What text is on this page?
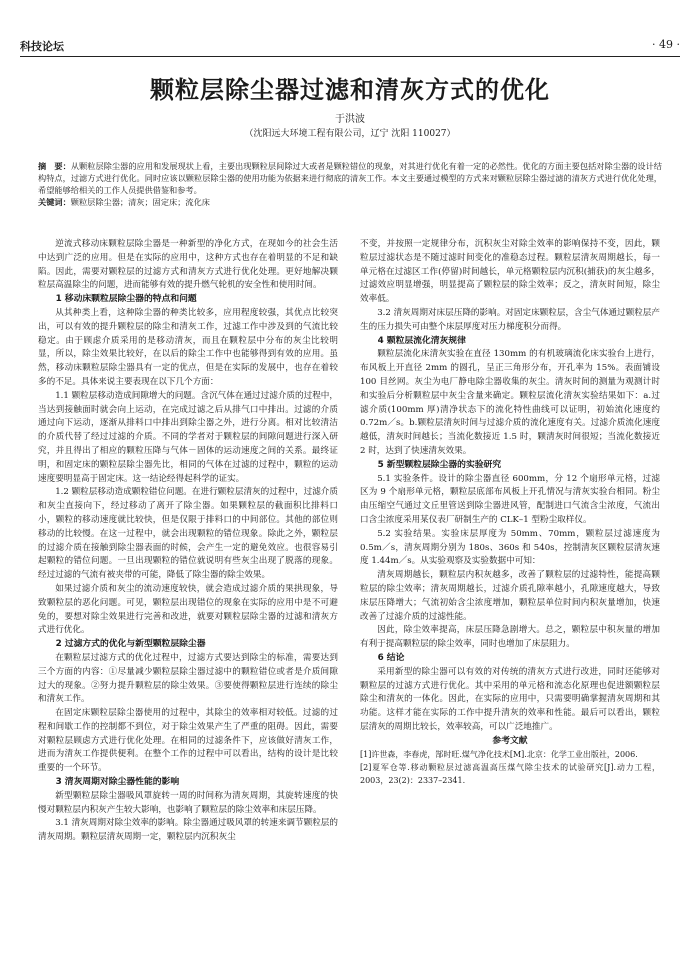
科技论坛	· 49 ·
颗粒层除尘器过滤和清灰方式的优化
于洪波
（沈阳远大环境工程有限公司，辽宁 沈阳 110027）
摘　要：从颗粒层除尘器的应用和发展现状上看，主要出现颗粒层间除过大或者是颗粒错位的现象，对其进行优化有着一定的必然性。优化的方面主要包括对除尘器的设计结构特点，过滤方式进行优化。同时应该以颗粒层除尘器的使用功能为依据来进行彻底的清灰工作。本文主要通过模型的方式来对颗粒层除尘器过滤的清灰方式进行优化处理，希望能够给相关的工作人员提供借鉴和参考。
关键词：颗粒层除尘器；清灰；固定床；流化床

逆流式移动床颗粒层除尘器是一种新型的净化方式，在现如今的社会生活中达到广泛的应用。但是在实际的应用中，这种方式也存在着明显的不足和缺陷。因此，需要对颗粒层的过滤方式和清灰方式进行优化处理。更好地解决颗粒层高温除尘的问题，进而能够有效的提升燃气轮机的安全性和使用时间。

1 移动床颗粒层除尘器的特点和问题

从其种类上看，这种除尘器的种类比较多，应用程度较强，其优点比较突出，可以有效的提升颗粒层的除尘和清灰工作，过滤工作中涉及到的气流比较稳定。由于顾虑介质采用的是移动清灰，而且在颗粒层中分布的灰尘比较明显，所以，除尘效果比较好，在以后的除尘工作中也能够得到有效的应用。虽然，移动床颗粒层除尘器具有一定的优点，但是在实际的发展中，也存在着较多的不足。具体来说主要表现在以下几个方面：

1.1 颗粒层移动造成间隙增大的问题。含沉气体在通过过滤介质的过程中，当达到接触面时就会向上运动，在完成过滤之后从排气口中排出。过滤的介质通过向下运动，逐渐从排料口中排出到除尘器之外，进行分离。相对比较清洁的介质代替了经过过滤的介质。不同的学者对于颗粒层的间隙问题进行深入研究，并且得出了相应的颗粒压降与气体－固体的运动速度之间的关系。最终证明，和固定床的颗粒层除尘器先比，相同的气体在过滤的过程中，颗粒的运动速度要明显高于固定床。这一结论经得起科学的证实。

1.2 颗粒层移动造成颗粒错位问题。在进行颗粒层清灰的过程中，过滤介质和灰尘直接向下，经过移动了离开了除尘器。如果颗粒层的截面积比排料口小，颗粒的移动速度就比较快，但是仅限于排料口的中间部位。其他的部位则移动的比较慢。在这一过程中，就会出现颗粒的错位现象。除此之外，颗粒层的过滤介质在接触到除尘器表面的时候，会产生一定的避免效应。也很容易引起颗粒的错位问题。一旦出现颗粒的错位就说明有些灰尘出现了脱落的现象。经过过滤的气流有被夹带的可能，降低了除尘器的除尘效果。

如果过滤介质和灰尘的流动速度较快，就会造成过滤介质的果拱现象，导致颗粒层的恶化问题。可见，颗粒层出现错位的现象在实际的应用中是不可避免的，要想对除尘效果进行完善和改进，就要对颗粒层除尘器的过滤和清灰方式进行优化。

2 过滤方式的优化与新型颗粒层除尘器

在颗粒层过滤方式的优化过程中，过滤方式要达到除尘的标准，需要达到三个方面的内容：①尽量减少颗粒层除尘器过滤中的颗粒错位或者是介质间隙过大的现象。②努力提升颗粒层的除尘效果。③要使得颗粒层进行连续的除尘和清灰工作。

在固定床颗粒层除尘器使用的过程中，其除尘的效率相对较低。过滤的过程和间歇工作的控制都不到位，对于除尘效果产生了严重的阻碍。因此，需要对颗粒层顾虑方式进行优化处理。在相同的过滤条件下，应该做好清灰工作，进而为清灰工作提供便利。在整个工作的过程中可以看出，结构的设计是比较重要的一个环节。

3 清灰周期对除尘器性能的影响

新型颗粒层除尘器吸风罩旋转一周的时间称为清灰周期，其旋转速度的快慢对颗粒层内积灰产生较大影响，也影响了颗粒层的除尘效率和床层压降。

3.1 清灰周期对除尘效率的影响。除尘器通过吸风罩的转速来调节颗粒层的清灰周期。颗粒层清灰周期一定，颗粒层内沉积灰尘

不变，并按照一定规律分布，沉积灰尘对除尘效率的影响保持不变，因此，颗粒层过滤状态是不随过滤时间变化的准稳态过程。颗粒层清灰周期越长，每一单元格在过滤区工作(停留)时间越长，单元格颗粒层内沉积(捕获)的灰尘越多，过滤效应明显增强，明显提高了颗粒层的除尘效率；反之，清灰时间短，除尘效率低。

3.2 清灰周期对床层压降的影响。对固定床颗粒层，含尘气体通过颗粒层产生的压力损失可由整个床层厚度对压力梯度积分而得。

4 颗粒层流化清灰规律

颗粒层流化床清灰实验在直径 130mm 的有机玻璃流化床实验台上进行，布风板上开直径 2mm 的圆孔，呈正三角形分布，开孔率为 15%。表面铺设 100 目丝网。灰尘为电厂静电除尘器收集的灰尘。清灰时间的测量为观测计时和实验后分析颗粒层中灰尘含量来确定。颗粒层流化清灰实验结果如下：a.过滤介质(100mm 厚)清净状态下的流化特性曲线可以证明，初始流化速度约 0.72m／s。b.颗粒层清灰时间与过滤介质的流化速度有关。过滤介质流化速度越低，清灰时间越长；当流化数接近 1.5 时，颗清灰时间很短；当流化数接近 2 时，达到了快速清灰效果。

5 新型颗粒层除尘器的实验研究

5.1 实验条件。设计的除尘器直径 600mm，分 12 个扇形单元格，过滤区为 9 个扇形单元格，颗粒层底部布风板上开孔情况与清灰实验台相同。粉尘由压缩空气通过文丘里管送到除尘器进风管，配制进口气流含尘浓度，气流出口含尘浓度采用某仪表厂研制生产的 CLK–1 型粉尘取样仪。

5.2 实验结果。实验床层厚度为 50mm、70mm，颗粒层过滤速度为 0.5m／s，清灰周期分别为 180s、360s 和 540s，控制清灰区颗粒层清灰速度 1.44m／s。从实验观察及实验数据中可知：

清灰周期越长，颗粒层内积灰越多，改善了颗粒层的过滤特性，能提高颗粒层的除尘效率；清灰周期越长，过滤介质孔隙率越小，孔隙速度越大，导致床层压降增大；气流初始含尘浓度增加，颗粒层单位时间内积灰量增加，快速改善了过滤介质的过滤性能。

因此，除尘效率提高，床层压降急剧增大。总之，颗粒层中积灰量的增加有利于提高颗粒层的除尘效率，同时也增加了床层阻力。

6 结论

采用新型的除尘器可以有效的对传统的清灰方式进行改进，同时还能够对颗粒层的过滤方式进行优化。其中采用的单元格和流态化原理也促进额颗粒层除尘和清灰的一体化。因此，在实际的应用中，只需要明确掌握清灰周期和其功能。这样才能在实际的工作中提升清灰的效率和性能。最后可以看出，颗粒层清灰的周期比较长，效率较高，可以广泛地推广。

参考文献

[1]许世森，李春虎，郜时旺.煤气净化技术[M].北京：化学工业出版社，2006.

[2]夏军仓等.移动颗粒层过滤高温高压煤气除尘技术的试验研究[J].动力工程，2003，23(2)：2337–2341.
